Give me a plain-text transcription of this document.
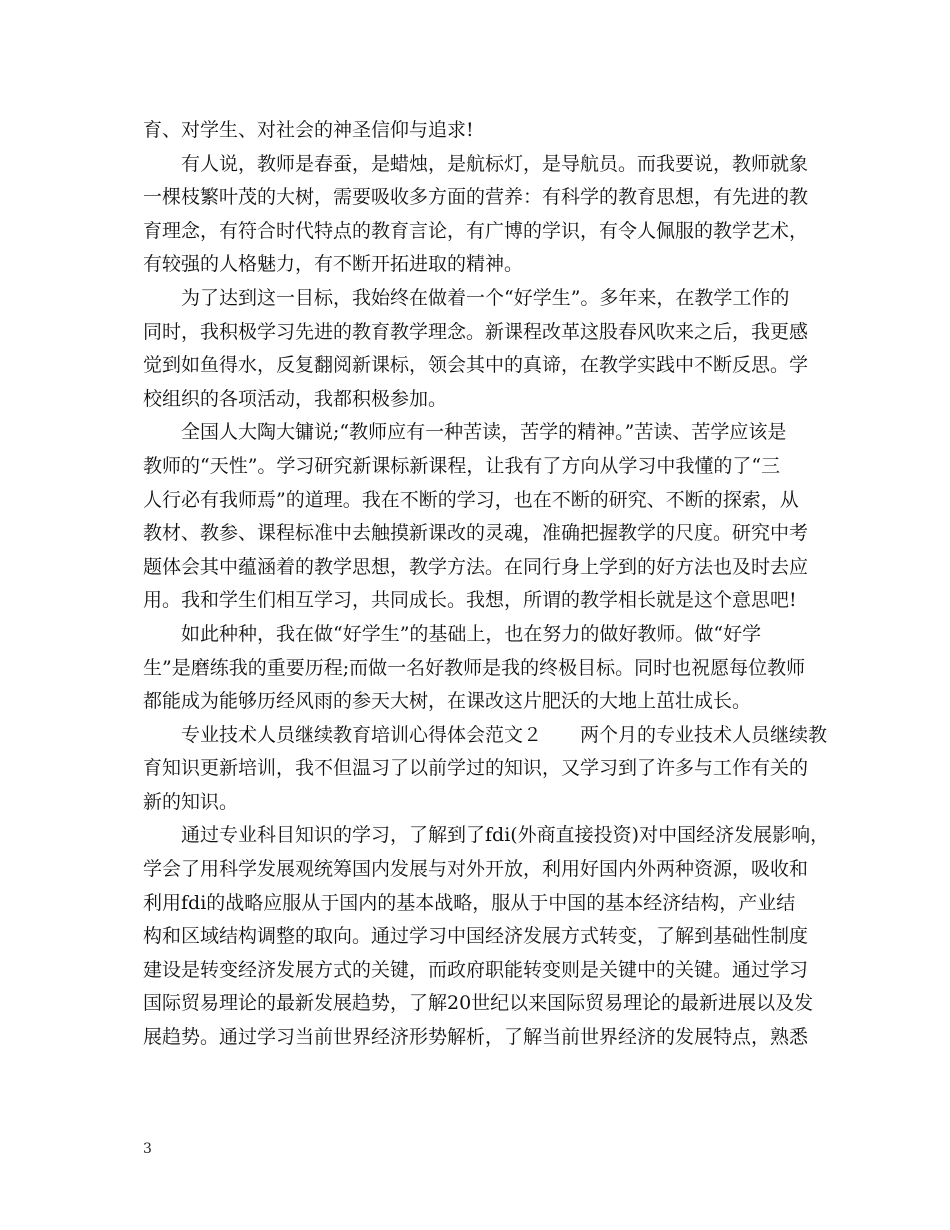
育、对学生、对社会的神圣信仰与追求!
有人说，教师是春蚕，是蜡烛，是航标灯，是导航员。而我要说，教师就象
一棵枝繁叶茂的大树，需要吸收多方面的营养：有科学的教育思想，有先进的教
育理念，有符合时代特点的教育言论，有广博的学识，有令人佩服的教学艺术，
有较强的人格魅力，有不断开拓进取的精神。
为了达到这一目标，我始终在做着一个“好学生”。多年来，在教学工作的
同时，我积极学习先进的教育教学理念。新课程改革这股春风吹来之后，我更感
觉到如鱼得水，反复翻阅新课标，领会其中的真谛，在教学实践中不断反思。学
校组织的各项活动，我都积极参加。
全国人大陶大镛说;“教师应有一种苦读，苦学的精神。”苦读、苦学应该是
教师的“天性”。学习研究新课标新课程，让我有了方向从学习中我懂的了“三
人行必有我师焉”的道理。我在不断的学习，也在不断的研究、不断的探索，从
教材、教参、课程标准中去触摸新课改的灵魂，准确把握教学的尺度。研究中考
题体会其中蕴涵着的教学思想，教学方法。在同行身上学到的好方法也及时去应
用。我和学生们相互学习，共同成长。我想，所谓的教学相长就是这个意思吧!
如此种种，我在做“好学生”的基础上，也在努力的做好教师。做“好学
生”是磨练我的重要历程;而做一名好教师是我的终极目标。同时也祝愿每位教师
都能成为能够历经风雨的参天大树，在课改这片肥沃的大地上茁壮成长。
专业技术人员继续教育培训心得体会范文２　　两个月的专业技术人员继续教
育知识更新培训，我不但温习了以前学过的知识，又学习到了许多与工作有关的
新的知识。
通过专业科目知识的学习，了解到了fdi(外商直接投资)对中国经济发展影响，
学会了用科学发展观统筹国内发展与对外开放，利用好国内外两种资源，吸收和
利用fdi的战略应服从于国内的基本战略，服从于中国的基本经济结构，产业结
构和区域结构调整的取向。通过学习中国经济发展方式转变，了解到基础性制度
建设是转变经济发展方式的关键，而政府职能转变则是关键中的关键。通过学习
国际贸易理论的最新发展趋势，了解20世纪以来国际贸易理论的最新进展以及发
展趋势。通过学习当前世界经济形势解析，了解当前世界经济的发展特点，熟悉
3
